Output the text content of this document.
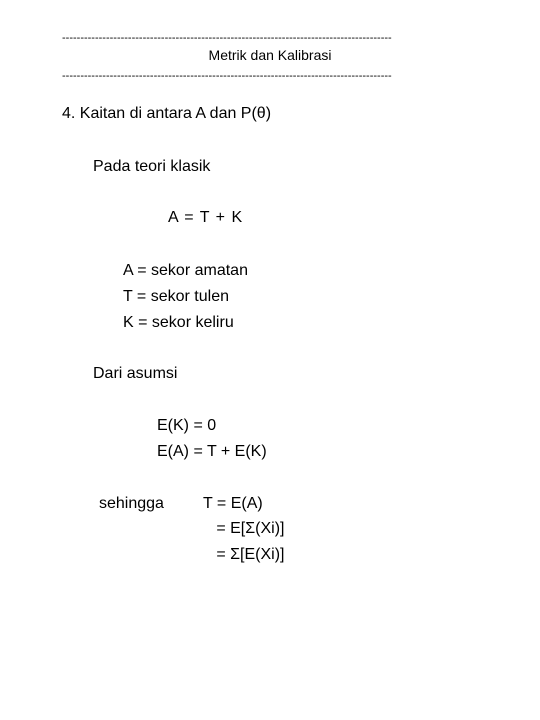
------------------------------------------------------------------------------------------
Metrik dan Kalibrasi
------------------------------------------------------------------------------------------
4. Kaitan di antara A dan P(θ)
Pada teori klasik
A = T + K
A = sekor amatan
T = sekor tulen
K = sekor keliru
Dari asumsi
E(K) = 0
E(A) = T + E(K)
sehingga T = E(A)
= E[Σ(Xi)]
= Σ[E(Xi)]
